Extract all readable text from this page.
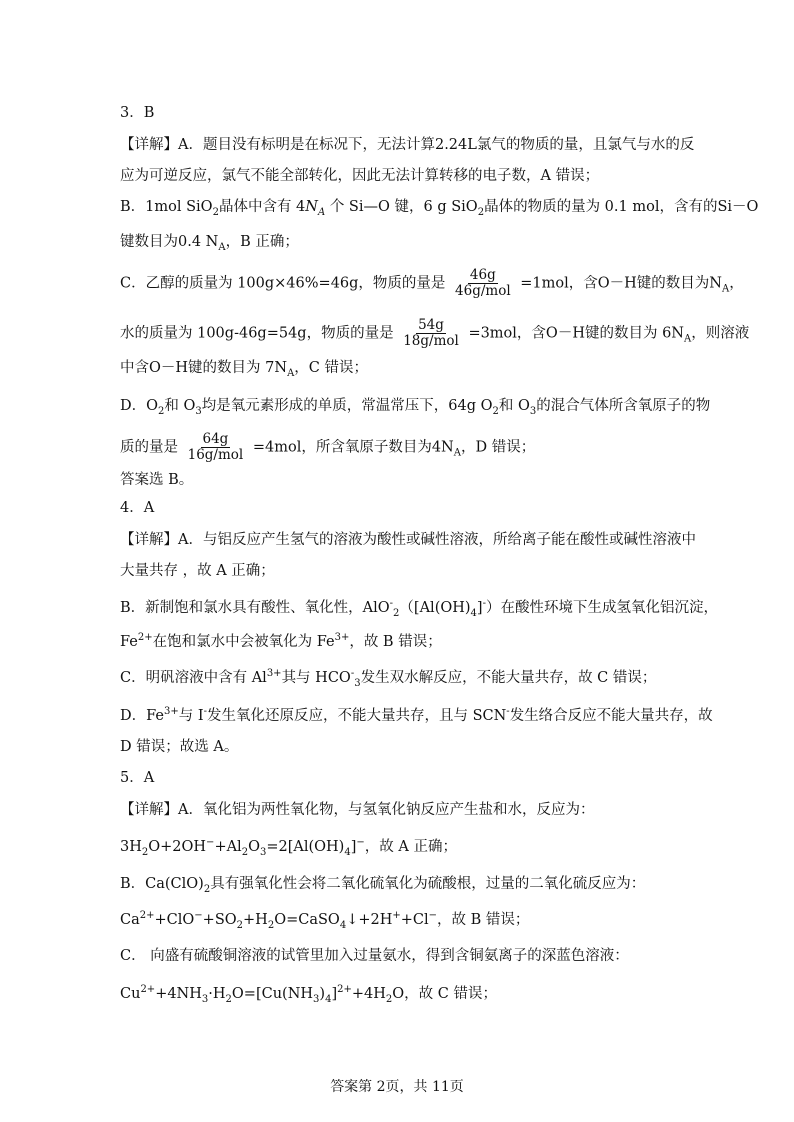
3．B
【详解】A．题目没有标明是在标况下，无法计算2.24L氯气的物质的量，且氯气与水的反
应为可逆反应，氯气不能全部转化，因此无法计算转移的电子数，A 错误；
B．1mol SiO$_2$晶体中含有 $4N_A$ 个 Si—O 键，6 g SiO$_2$晶体的物质的量为 0.1 mol，含有的Si－O
键数目为0.4 $N_A$，B 正确；
C．乙醇的质量为 100g×46%=46g，物质的量是 $\frac{46g}{\text{46g/mol}} =1mol$，含O－H键的数目为$N_A$，
水的质量为 100g-46g=54g，物质的量是 $\frac{54g}{\text{18g/mol}} =3mol$，含O－H键的数目为 $6N_A$，则溶液
中含O－H键的数目为 $7N_A$，C 错误；
D．$O_2$和 $O_3$均是氧元素形成的单质，常温常压下，64g $O_2$和 $O_3$的混合气体所含氧原子的物
质的量是 $\frac{64g}{\text{16g/mol}} =4mol$，所含氧原子数目为$4N_A$，D 错误；
答案选 B。
4．A
【详解】A．与铝反应产生氢气的溶液为酸性或碱性溶液，所给离子能在酸性或碱性溶液中
大量共存 ，故 A 正确；
B．新制饱和氯水具有酸性、氧化性，$AlO^-_2([Al(OH)_4]^-)$在酸性环境下生成氢氧化铝沉淀，
$Fe^{2+}$在饱和氯水中会被氧化为 $Fe^{3+}$，故 B 错误；
C．明矾溶液中含有 $Al^{3+}$其与 $HCO^-_3$发生双水解反应，不能大量共存，故 C 错误；
D．$Fe^{3+}$与 I-发生氧化还原反应，不能大量共存，且与 SCN-发生络合反应不能大量共存，故
D 错误；故选 A。
5．A
【详解】A．氧化铝为两性氧化物，与氢氧化钠反应产生盐和水，反应为：
$3H_2O+2OH^-+Al_2O_3=2[Al(OH)_4]^-$，故 A 正确；
B．$Ca(ClO)_2$具有强氧化性会将二氧化硫氧化为硫酸根，过量的二氧化硫反应为：
$Ca^{2+}+ClO^-+SO_2+H_2O=CaSO_4↓+2H^++Cl^-$，故 B 错误；
C． 向盛有硫酸铜溶液的试管里加入过量氨水，得到含铜氨离子的深蓝色溶液：
$Cu^{2+}+4NH_3\cdot H_2O=[Cu(NH_3)_4]^{2+}+4H_2O$，故 C 错误；
答案第 2页，共 11页
